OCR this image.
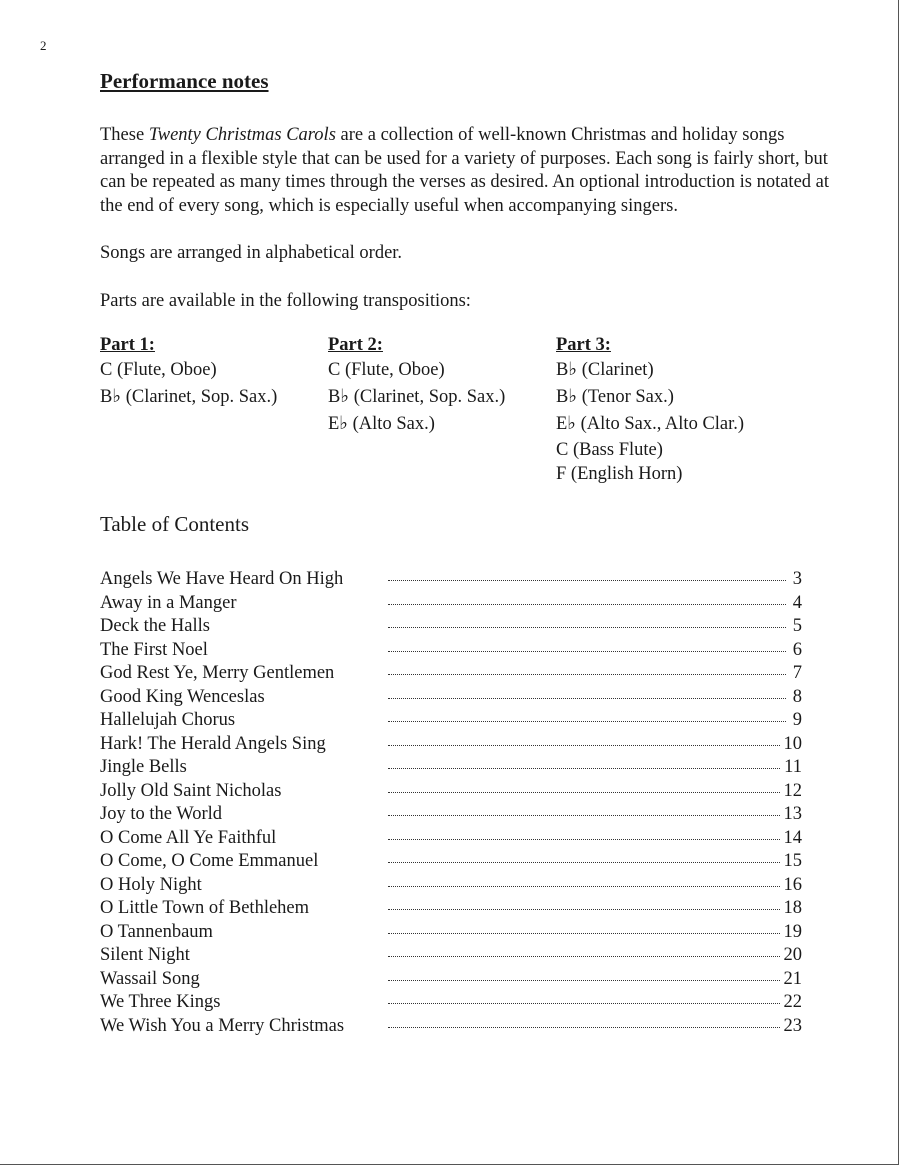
2
Performance notes

These Twenty Christmas Carols are a collection of well-known Christmas and holiday songs arranged in a flexible style that can be used for a variety of purposes. Each song is fairly short, but can be repeated as many times through the verses as desired. An optional introduction is notated at the end of every song, which is especially useful when accompanying singers.

Songs are arranged in alphabetical order.

Parts are available in the following transpositions:

Part 1:
C (Flute, Oboe)
B♭ (Clarinet, Sop. Sax.)
Part 2:
C (Flute, Oboe)
B♭ (Clarinet, Sop. Sax.)
E♭ (Alto Sax.)
Part 3:
B♭ (Clarinet)
B♭ (Tenor Sax.)
E♭ (Alto Sax., Alto Clar.)
C (Bass Flute)
F (English Horn)
Table of Contents
Angels We Have Heard On High	3
Away in a Manger	4
Deck the Halls	5
The First Noel	6
God Rest Ye, Merry Gentlemen	7
Good King Wenceslas	8
Hallelujah Chorus	9
Hark! The Herald Angels Sing	10
Jingle Bells	11
Jolly Old Saint Nicholas	12
Joy to the World	13
O Come All Ye Faithful	14
O Come, O Come Emmanuel	15
O Holy Night	16
O Little Town of Bethlehem	18
O Tannenbaum	19
Silent Night	20
Wassail Song	21
We Three Kings	22
We Wish You a Merry Christmas	23
